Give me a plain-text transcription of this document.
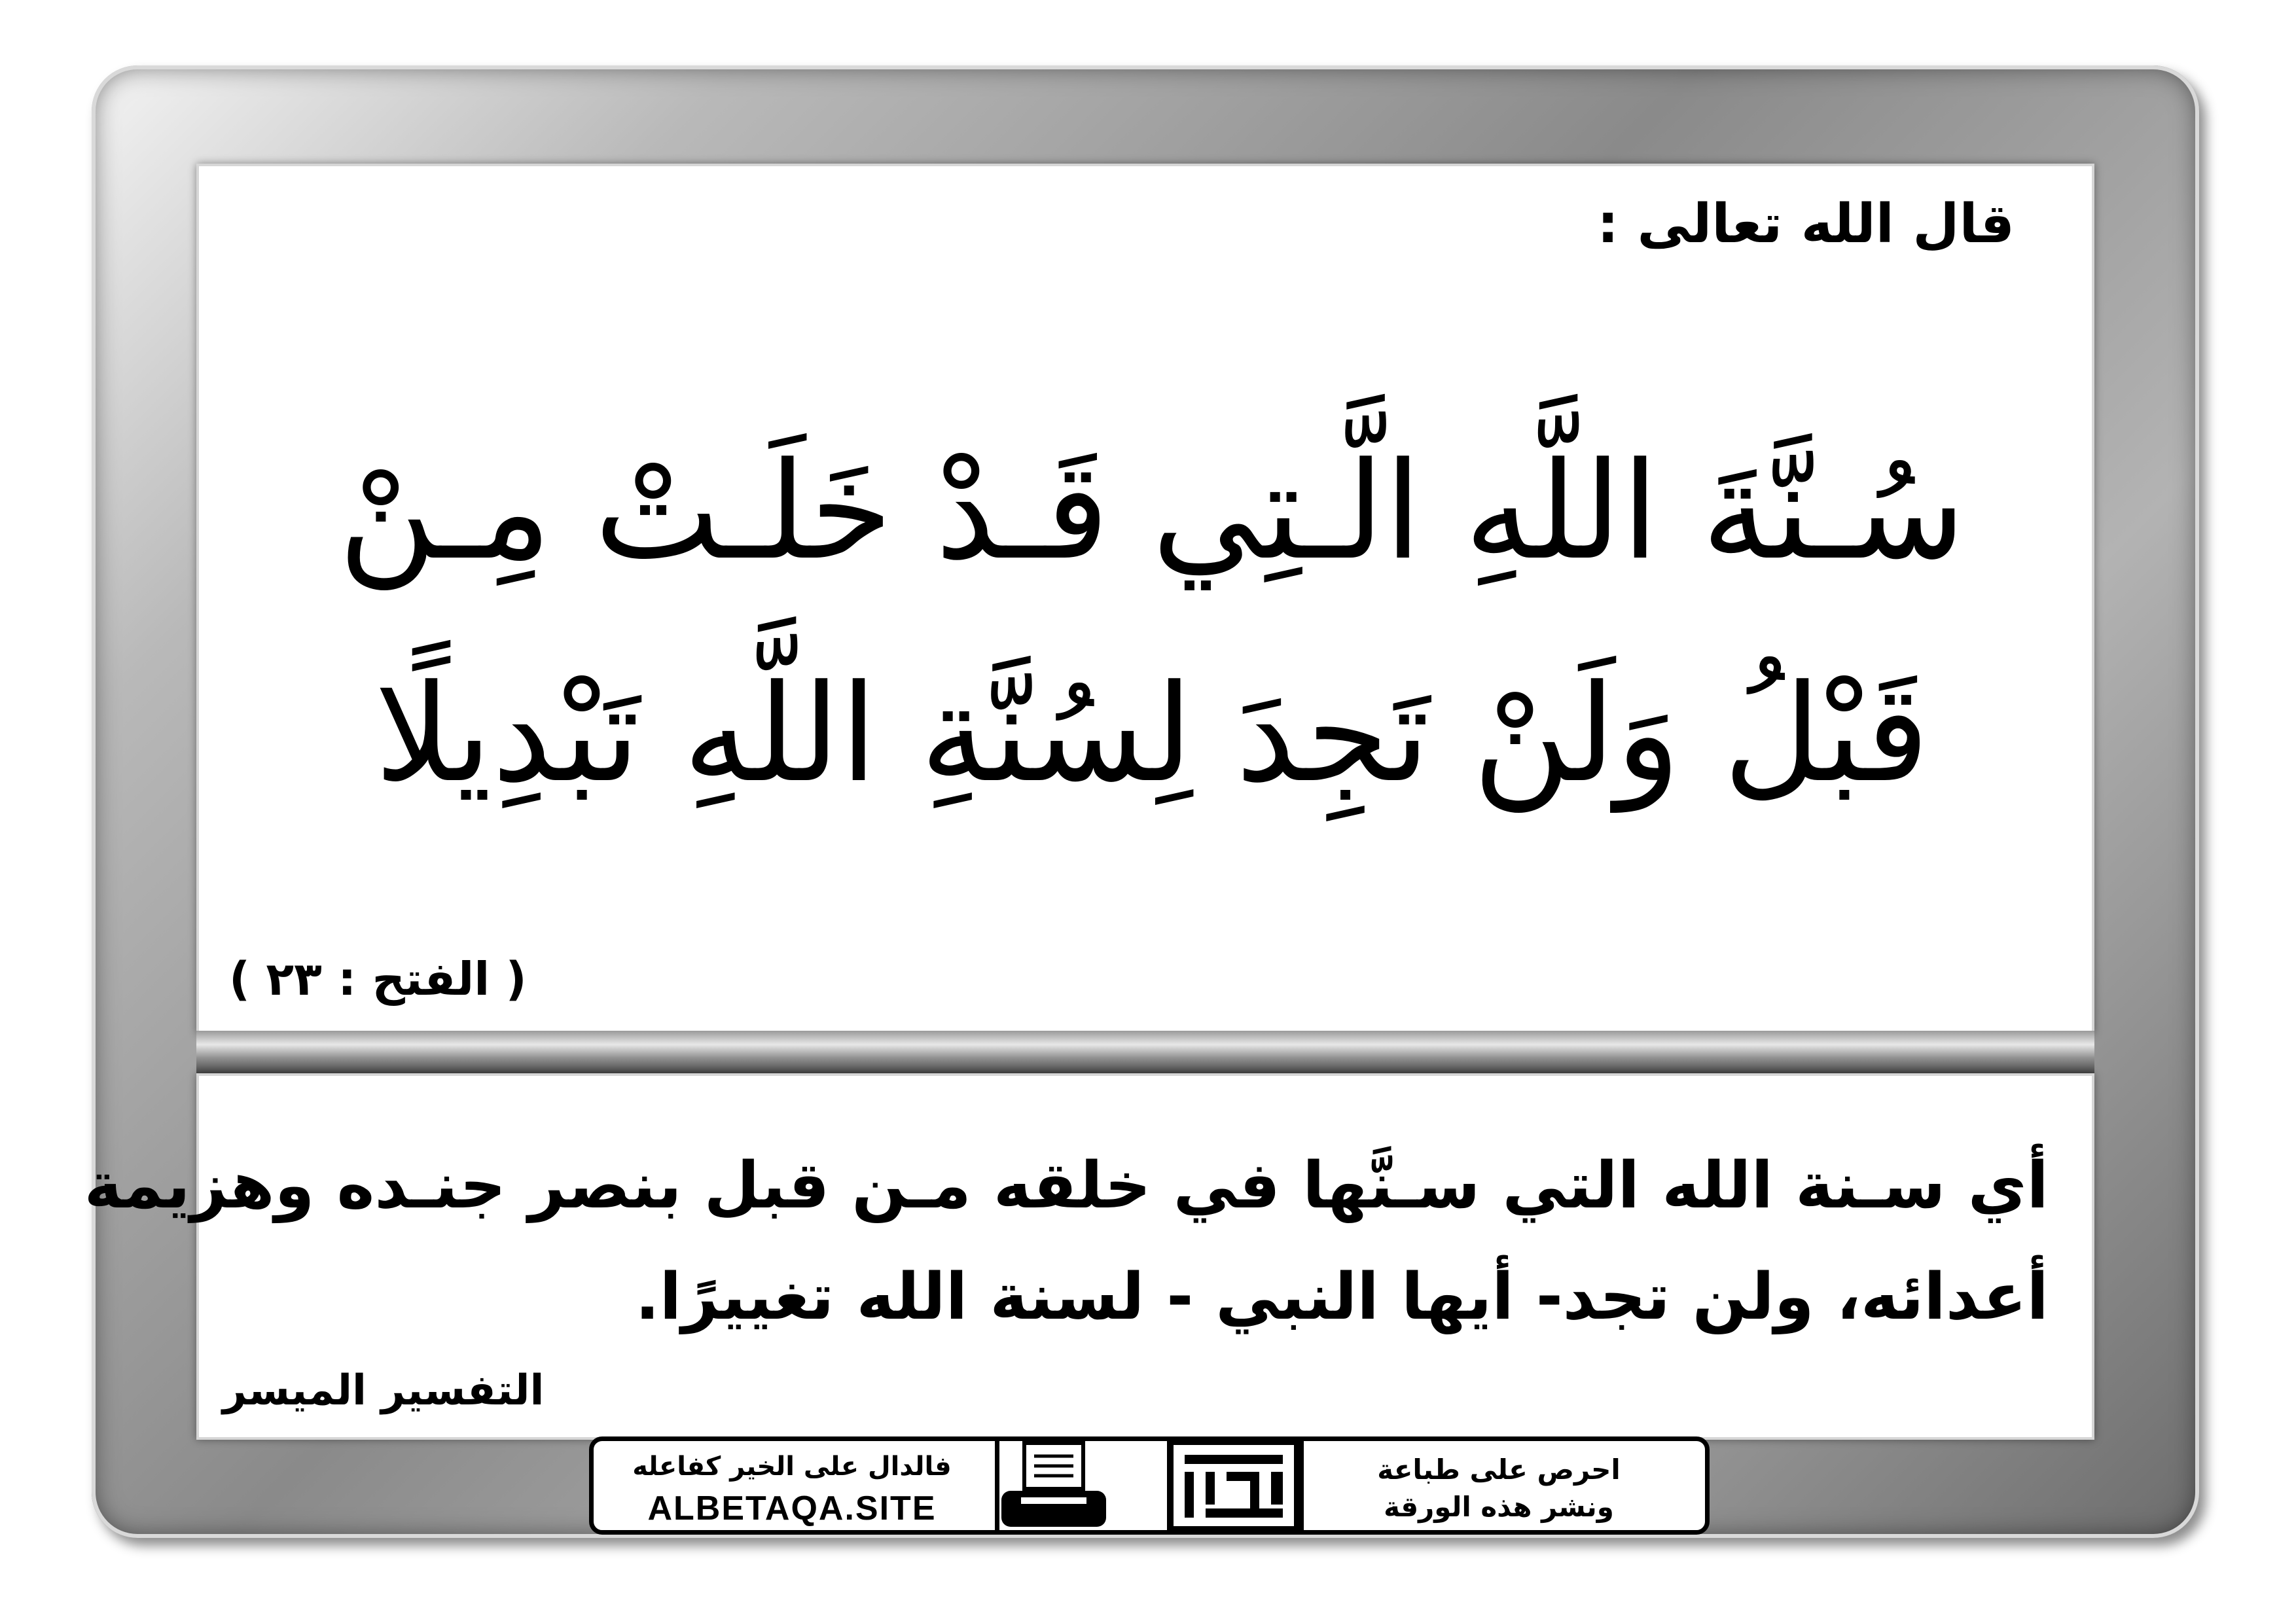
قال الله تعالى :
سُـنَّةَ اللَّهِ الَّـتِي قَـدْ خَلَـتْ مِـنْ
قَبْلُ وَلَنْ تَجِدَ لِسُنَّةِ اللَّهِ تَبْدِيلًا
( الفتح : ٢٣ )
أي سـنة الله التي سـنَّها في خلقه مـن قبل بنصر جنـده وهزيمة
أعدائه، ولن تجد- أيها النبي - لسنة الله تغييرًا.
التفسير الميسر
فالدال على الخير كفاعله
ALBETAQA.SITE
احرص على طباعة
ونشر هذه الورقة
